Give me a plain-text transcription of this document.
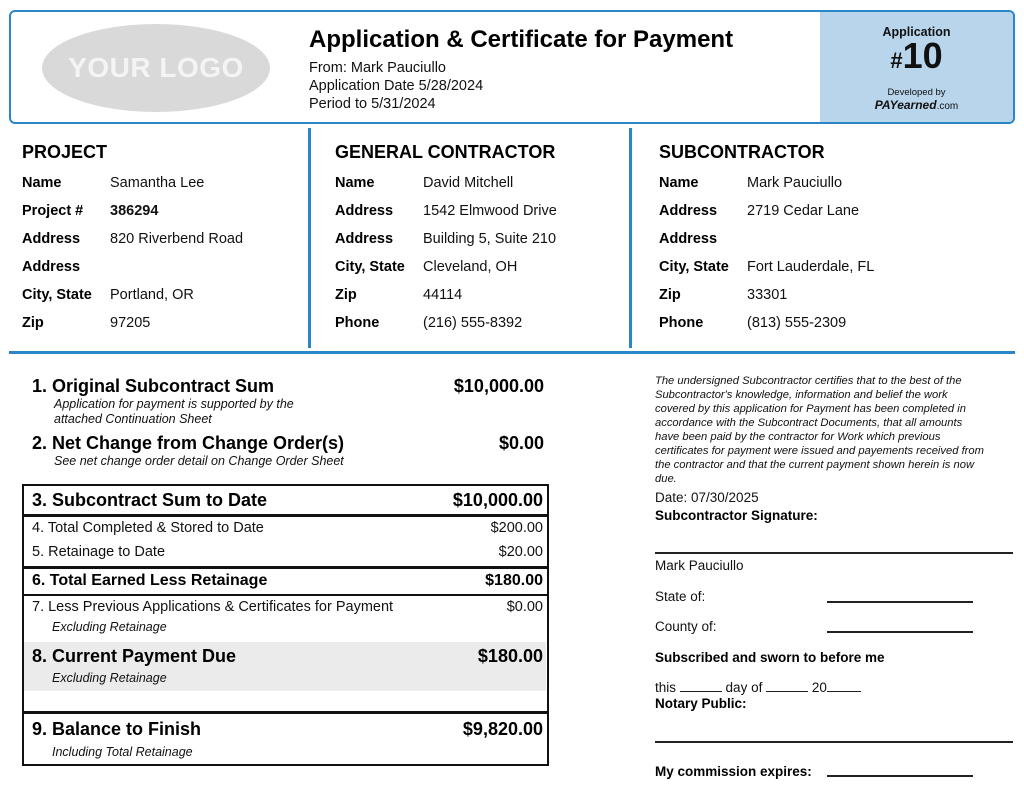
YOUR LOGO
Application & Certificate for Payment
From: Mark Pauciullo
Application Date 5/28/2024
Period to 5/31/2024
Application
#10
Developed by
PAYearned.com
PROJECT
Name	Samantha Lee
Project #	386294
Address	820 Riverbend Road
Address
City, State	Portland, OR
Zip	97205
GENERAL CONTRACTOR
Name	David Mitchell
Address	1542 Elmwood Drive
Address	Building 5, Suite 210
City, State	Cleveland, OH
Zip	44114
Phone	(216) 555-8392
SUBCONTRACTOR
Name	Mark Pauciullo
Address	2719 Cedar Lane
Address
City, State	Fort Lauderdale, FL
Zip	33301
Phone	(813) 555-2309
1. Original Subcontract Sum	$10,000.00
Application for payment is supported by the
attached Continuation Sheet
2. Net Change from Change Order(s)	$0.00
See net change order detail on Change Order Sheet
3. Subcontract Sum to Date	$10,000.00
4. Total Completed & Stored to Date	$200.00
5. Retainage to Date	$20.00
6. Total Earned Less Retainage	$180.00
7. Less Previous Applications & Certificates for Payment	$0.00
Excluding Retainage
8. Current Payment Due	$180.00
Excluding Retainage
9. Balance to Finish	$9,820.00
Including Total Retainage
The undersigned Subcontractor certifies that to the best of the Subcontractor's knowledge, information and belief the work covered by this application for Payment has been completed in accordance with the Subcontract Documents, that all amounts have been paid by the contractor for Work which previous certificates for payment were issued and payements received from the contractor and that the current payment shown herein is now due.
Date: 07/30/2025
Subcontractor Signature:
Mark Pauciullo
State of:
County of:
Subscribed and sworn to before me
this	day of	20
Notary Public:
My commission expires:
